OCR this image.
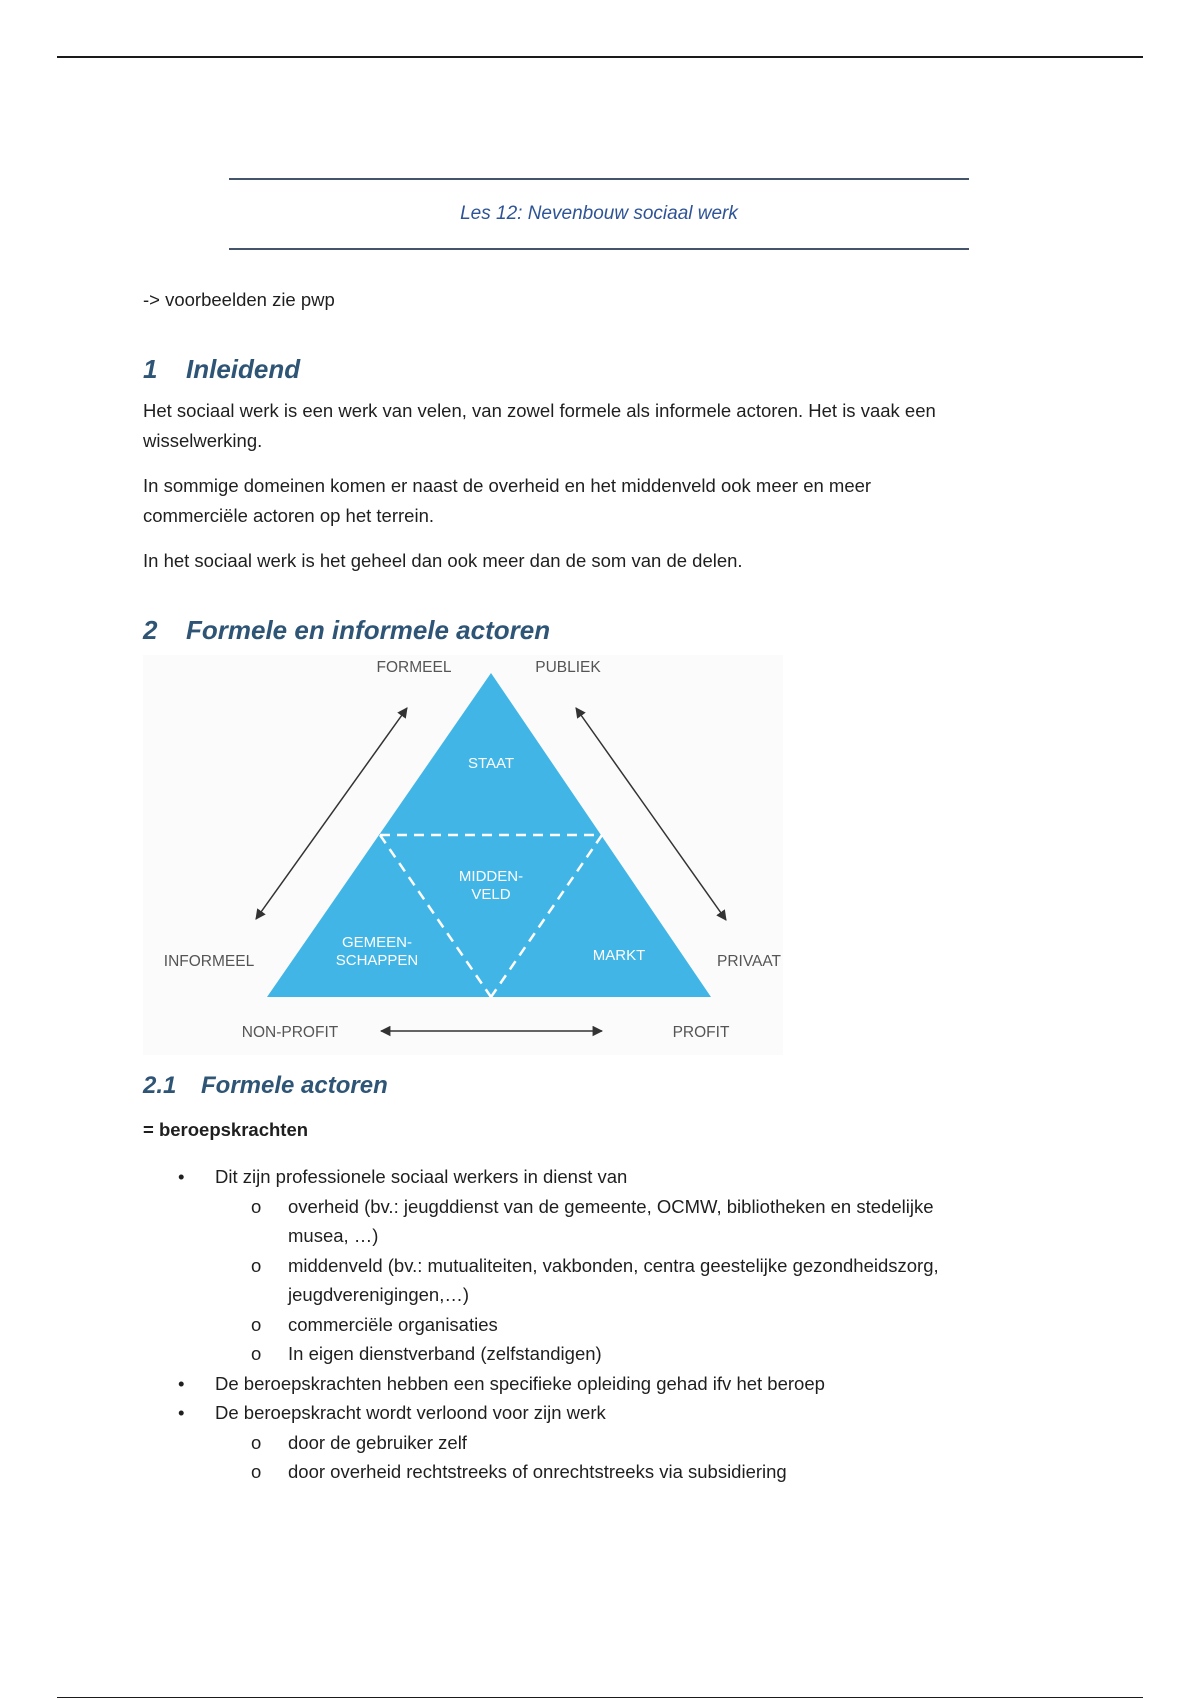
Les 12: Nevenbouw sociaal werk
-> voorbeelden zie pwp
1 Inleidend

Het sociaal werk is een werk van velen, van zowel formele als informele actoren. Het is vaak een
wisselwerking.

In sommige domeinen komen er naast de overheid en het middenveld ook meer en meer
commerciële actoren op het terrein.

In het sociaal werk is het geheel dan ook meer dan de som van de delen.

2 Formele en informele actoren
2.1 Formele actoren
= beroepskrachten
• Dit zijn professionele sociaal werkers in dienst van
o overheid (bv.: jeugddienst van de gemeente, OCMW, bibliotheken en stedelijke
musea, …)
o middenveld (bv.: mutualiteiten, vakbonden, centra geestelijke gezondheidszorg,
jeugdverenigingen,…)
o commerciële organisaties
o In eigen dienstverband (zelfstandigen)
• De beroepskrachten hebben een specifieke opleiding gehad ifv het beroep
• De beroepskracht wordt verloond voor zijn werk
o door de gebruiker zelf
o door overheid rechtstreeks of onrechtstreeks via subsidiering
STAAT
MIDDEN-
VELD
GEMEEN-
SCHAPPEN	MARKT
FORMEEL	PUBLIEK
INFORMEEL	PRIVAAT
NON-PROFIT	PROFIT
